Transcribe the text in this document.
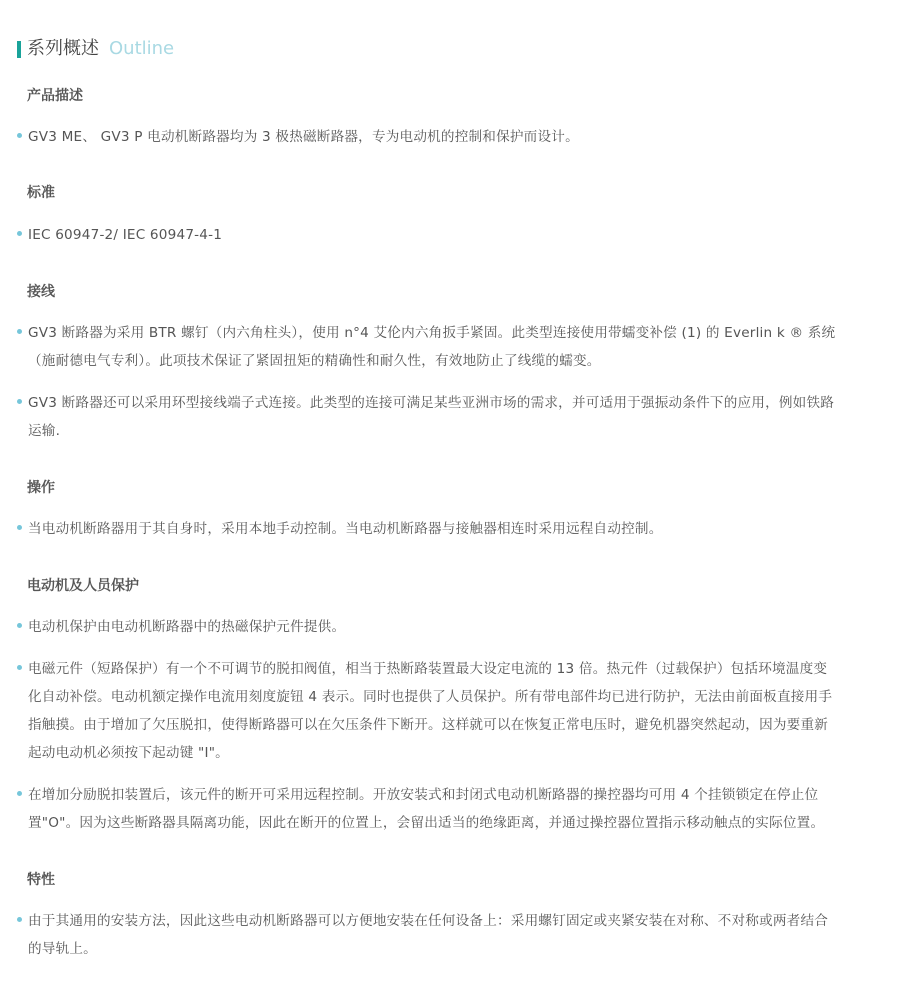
系列概述 Outline
产品描述
GV3 ME、 GV3 P 电动机断路器均为 3 极热磁断路器，专为电动机的控制和保护而设计。
标准
IEC 60947-2/ IEC 60947-4-1
接线
GV3 断路器为采用 BTR 螺钉（内六角柱头），使用 n°4 艾伦内六角扳手紧固。此类型连接使用带蠕变补偿 (1) 的 Everlin k ® 系统（施耐德电气专利）。此项技术保证了紧固扭矩的精确性和耐久性，有效地防止了线缆的蠕变。
GV3 断路器还可以采用环型接线端子式连接。此类型的连接可满足某些亚洲市场的需求，并可适用于强振动条件下的应用，例如铁路运输.
操作
当电动机断路器用于其自身时，采用本地手动控制。当电动机断路器与接触器相连时采用远程自动控制。
电动机及人员保护
电动机保护由电动机断路器中的热磁保护元件提供。
电磁元件（短路保护）有一个不可调节的脱扣阀值，相当于热断路装置最大设定电流的 13 倍。热元件（过载保护）包括环境温度变化自动补偿。电动机额定操作电流用刻度旋钮 4 表示。同时也提供了人员保护。所有带电部件均已进行防护，无法由前面板直接用手指触摸。由于增加了欠压脱扣，使得断路器可以在欠压条件下断开。这样就可以在恢复正常电压时，避免机器突然起动，因为要重新起动电动机必须按下起动键 "I"。
在增加分励脱扣装置后，该元件的断开可采用远程控制。开放安装式和封闭式电动机断路器的操控器均可用 4 个挂锁锁定在停止位置"O"。因为这些断路器具隔离功能，因此在断开的位置上，会留出适当的绝缘距离，并通过操控器位置指示移动触点的实际位置。
特性
由于其通用的安装方法，因此这些电动机断路器可以方便地安装在任何设备上：采用螺钉固定或夹紧安装在对称、不对称或两者结合的导轨上。
